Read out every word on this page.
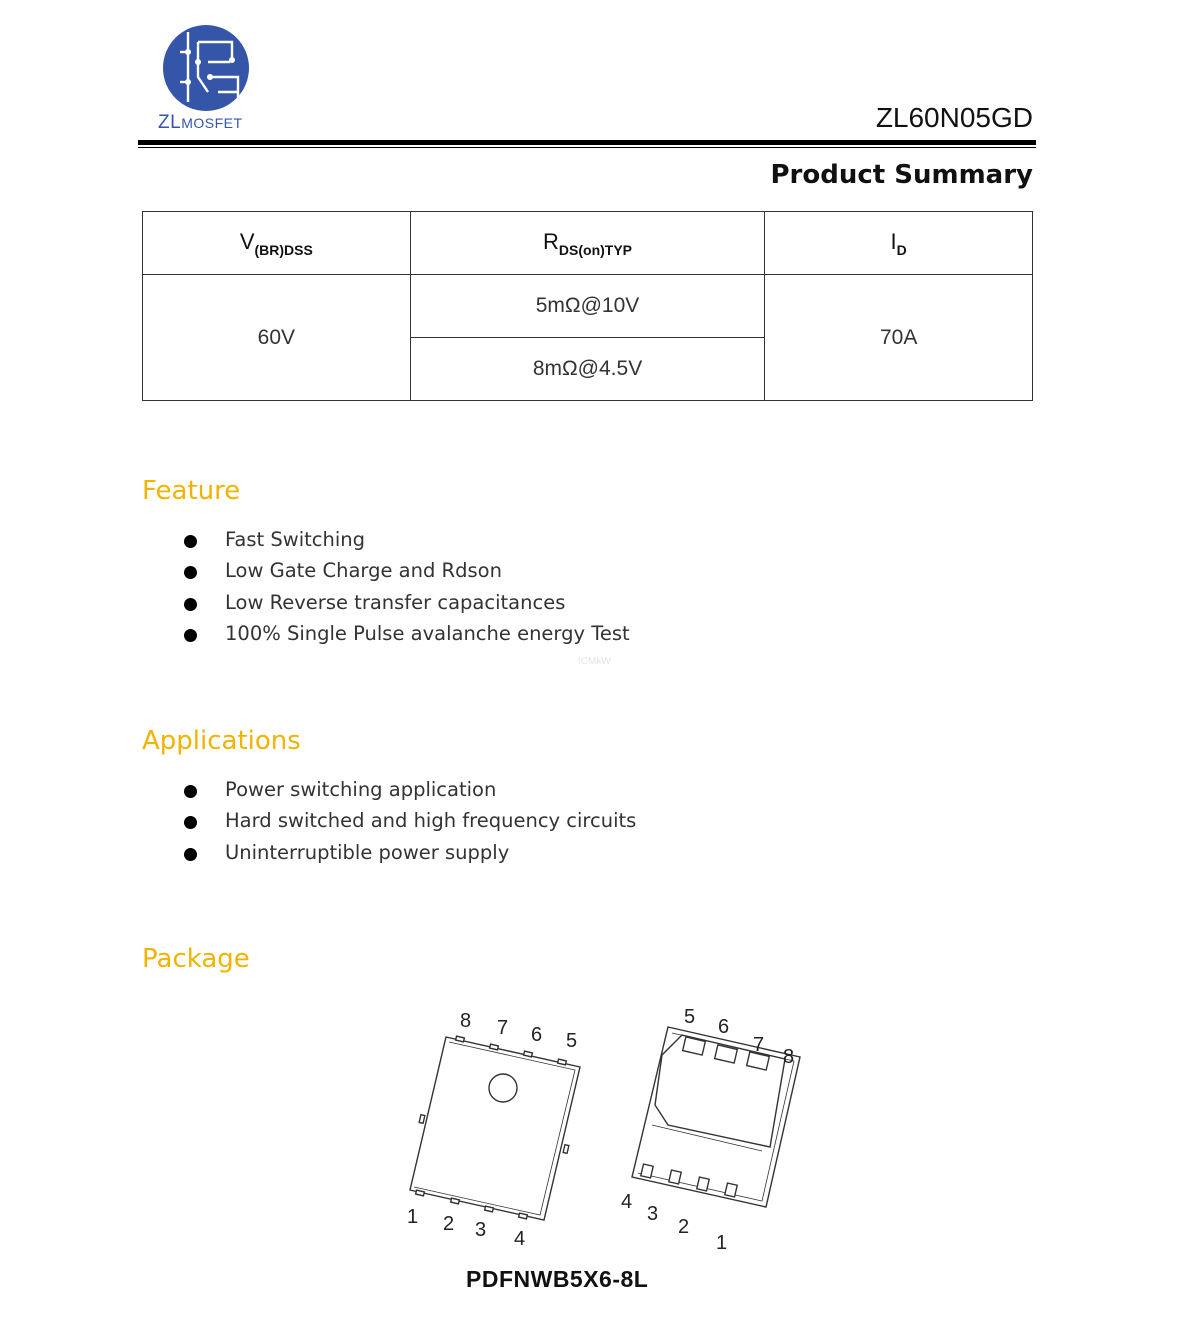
ZLMOSFET	ZL60N05GD
Product Summary
$V_{(BR)DSS}$	$R_{DS(on)TYP}$	$I_D$
60V	5mΩ@10V	70A
	8mΩ@4.5V	
Feature
Fast Switching
Low Gate Charge and Rdson
Low Reverse transfer capacitances
100% Single Pulse avalanche energy Test
ICMkW
Applications
Power switching application
Hard switched and high frequency circuits
Uninterruptible power supply
Package
8 7 6 5
1 2 3 4
5 6
7
8
4
3
2
1
PDFNWB5X6-8L
